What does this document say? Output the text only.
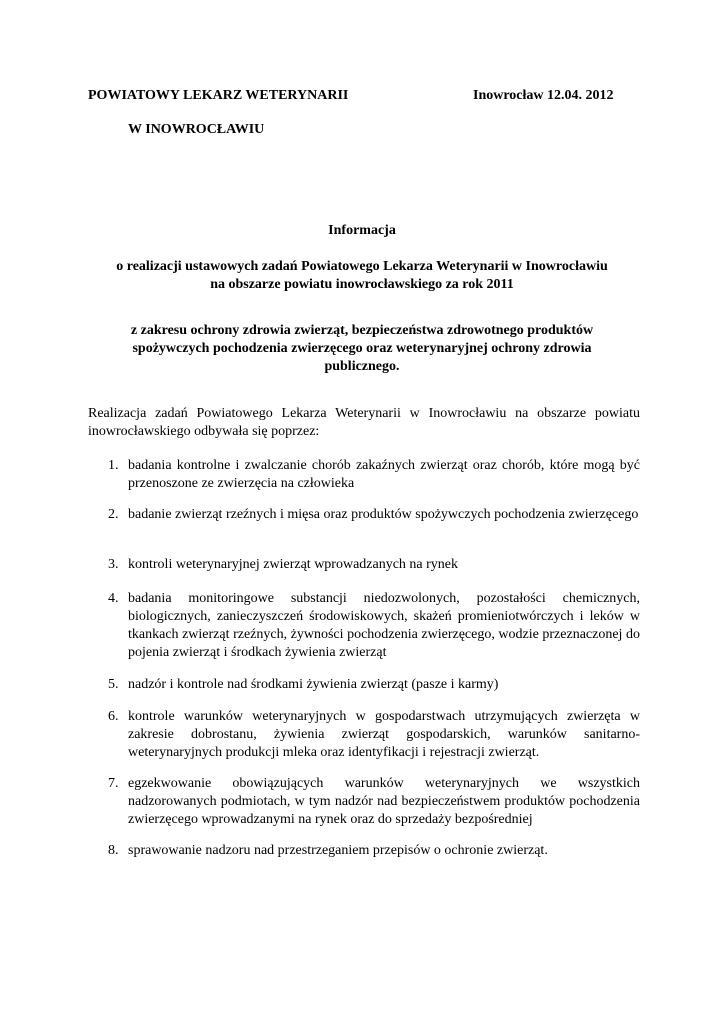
POWIATOWY LEKARZ WETERYNARII
W INOWROCŁAWIU
Inowrocław 12.04. 2012
Informacja
o realizacji ustawowych zadań Powiatowego Lekarza Weterynarii w Inowrocławiu
na obszarze powiatu inowrocławskiego za rok 2011
z zakresu ochrony zdrowia zwierząt, bezpieczeństwa zdrowotnego produktów
spożywczych pochodzenia zwierzęcego oraz weterynaryjnej ochrony zdrowia
publicznego.
Realizacja zadań Powiatowego Lekarza Weterynarii w Inowrocławiu na obszarze powiatu inowrocławskiego odbywała się poprzez:
1. badania kontrolne i zwalczanie chorób zakaźnych zwierząt oraz chorób, które mogą być przenoszone ze zwierzęcia na człowieka
2. badanie zwierząt rzeźnych i mięsa oraz produktów spożywczych pochodzenia zwierzęcego
3. kontroli weterynaryjnej zwierząt wprowadzanych na rynek
4. badania monitoringowe substancji niedozwolonych, pozostałości chemicznych, biologicznych, zanieczyszczeń środowiskowych, skażeń promieniotwórczych i leków w tkankach zwierząt rzeźnych, żywności pochodzenia zwierzęcego, wodzie przeznaczonej do pojenia zwierząt i środkach żywienia zwierząt
5. nadzór i kontrole nad środkami żywienia zwierząt (pasze i karmy)
6. kontrole warunków weterynaryjnych w gospodarstwach utrzymujących zwierzęta w zakresie dobrostanu, żywienia zwierząt gospodarskich, warunków sanitarno-weterynaryjnych produkcji mleka oraz identyfikacji i rejestracji zwierząt.
7. egzekwowanie obowiązujących warunków weterynaryjnych we wszystkich nadzorowanych podmiotach, w tym nadzór nad bezpieczeństwem produktów pochodzenia zwierzęcego wprowadzanymi na rynek oraz do sprzedaży bezpośredniej
8. sprawowanie nadzoru nad przestrzeganiem przepisów o ochronie zwierząt.
